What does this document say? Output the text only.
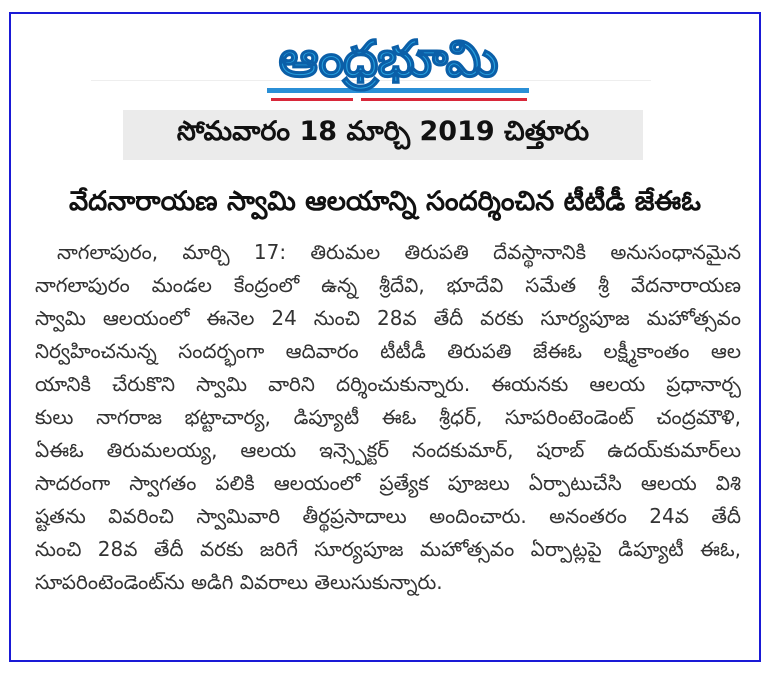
ఆంధ్రభూమి
సోమవారం 18 మార్చి 2019 చిత్తూరు
వేదనారాయణ స్వామి ఆలయాన్ని సందర్శించిన టీటీడీ జేఈఓ
నాగలాపురం, మార్చి 17: తిరుమల తిరుపతి దేవస్థానానికి అనుసంధానమైన
నాగలాపురం మండల కేంద్రంలో ఉన్న శ్రీదేవి, భూదేవి సమేత శ్రీ వేదనారాయణ
స్వామి ఆలయంలో ఈనెల 24 నుంచి 28వ తేదీ వరకు సూర్యపూజ మహోత్సవం
నిర్వహించనున్న సందర్భంగా ఆదివారం టీటీడీ తిరుపతి జేఈఓ లక్ష్మీకాంతం ఆల
యానికి చేరుకొని స్వామి వారిని దర్శించుకున్నారు. ఈయనకు ఆలయ ప్రధానార్చ
కులు నాగరాజ భట్టాచార్య, డిప్యూటీ ఈఓ శ్రీధర్, సూపరింటెండెంట్ చంద్రమౌళి,
ఏఈఓ తిరుమలయ్య, ఆలయ ఇన్స్పెక్టర్ నందకుమార్, షరాబ్ ఉదయ్‌కుమార్‌లు
సాదరంగా స్వాగతం పలికి ఆలయంలో ప్రత్యేక పూజలు ఏర్పాటుచేసి ఆలయ విశి
ష్టతను వివరించి స్వామివారి తీర్థప్రసాదాలు అందించారు. అనంతరం 24వ తేదీ
నుంచి 28వ తేదీ వరకు జరిగే సూర్యపూజ మహోత్సవం ఏర్పాట్లపై డిప్యూటీ ఈఓ,
సూపరింటెండెంట్‌ను అడిగి వివరాలు తెలుసుకున్నారు.
